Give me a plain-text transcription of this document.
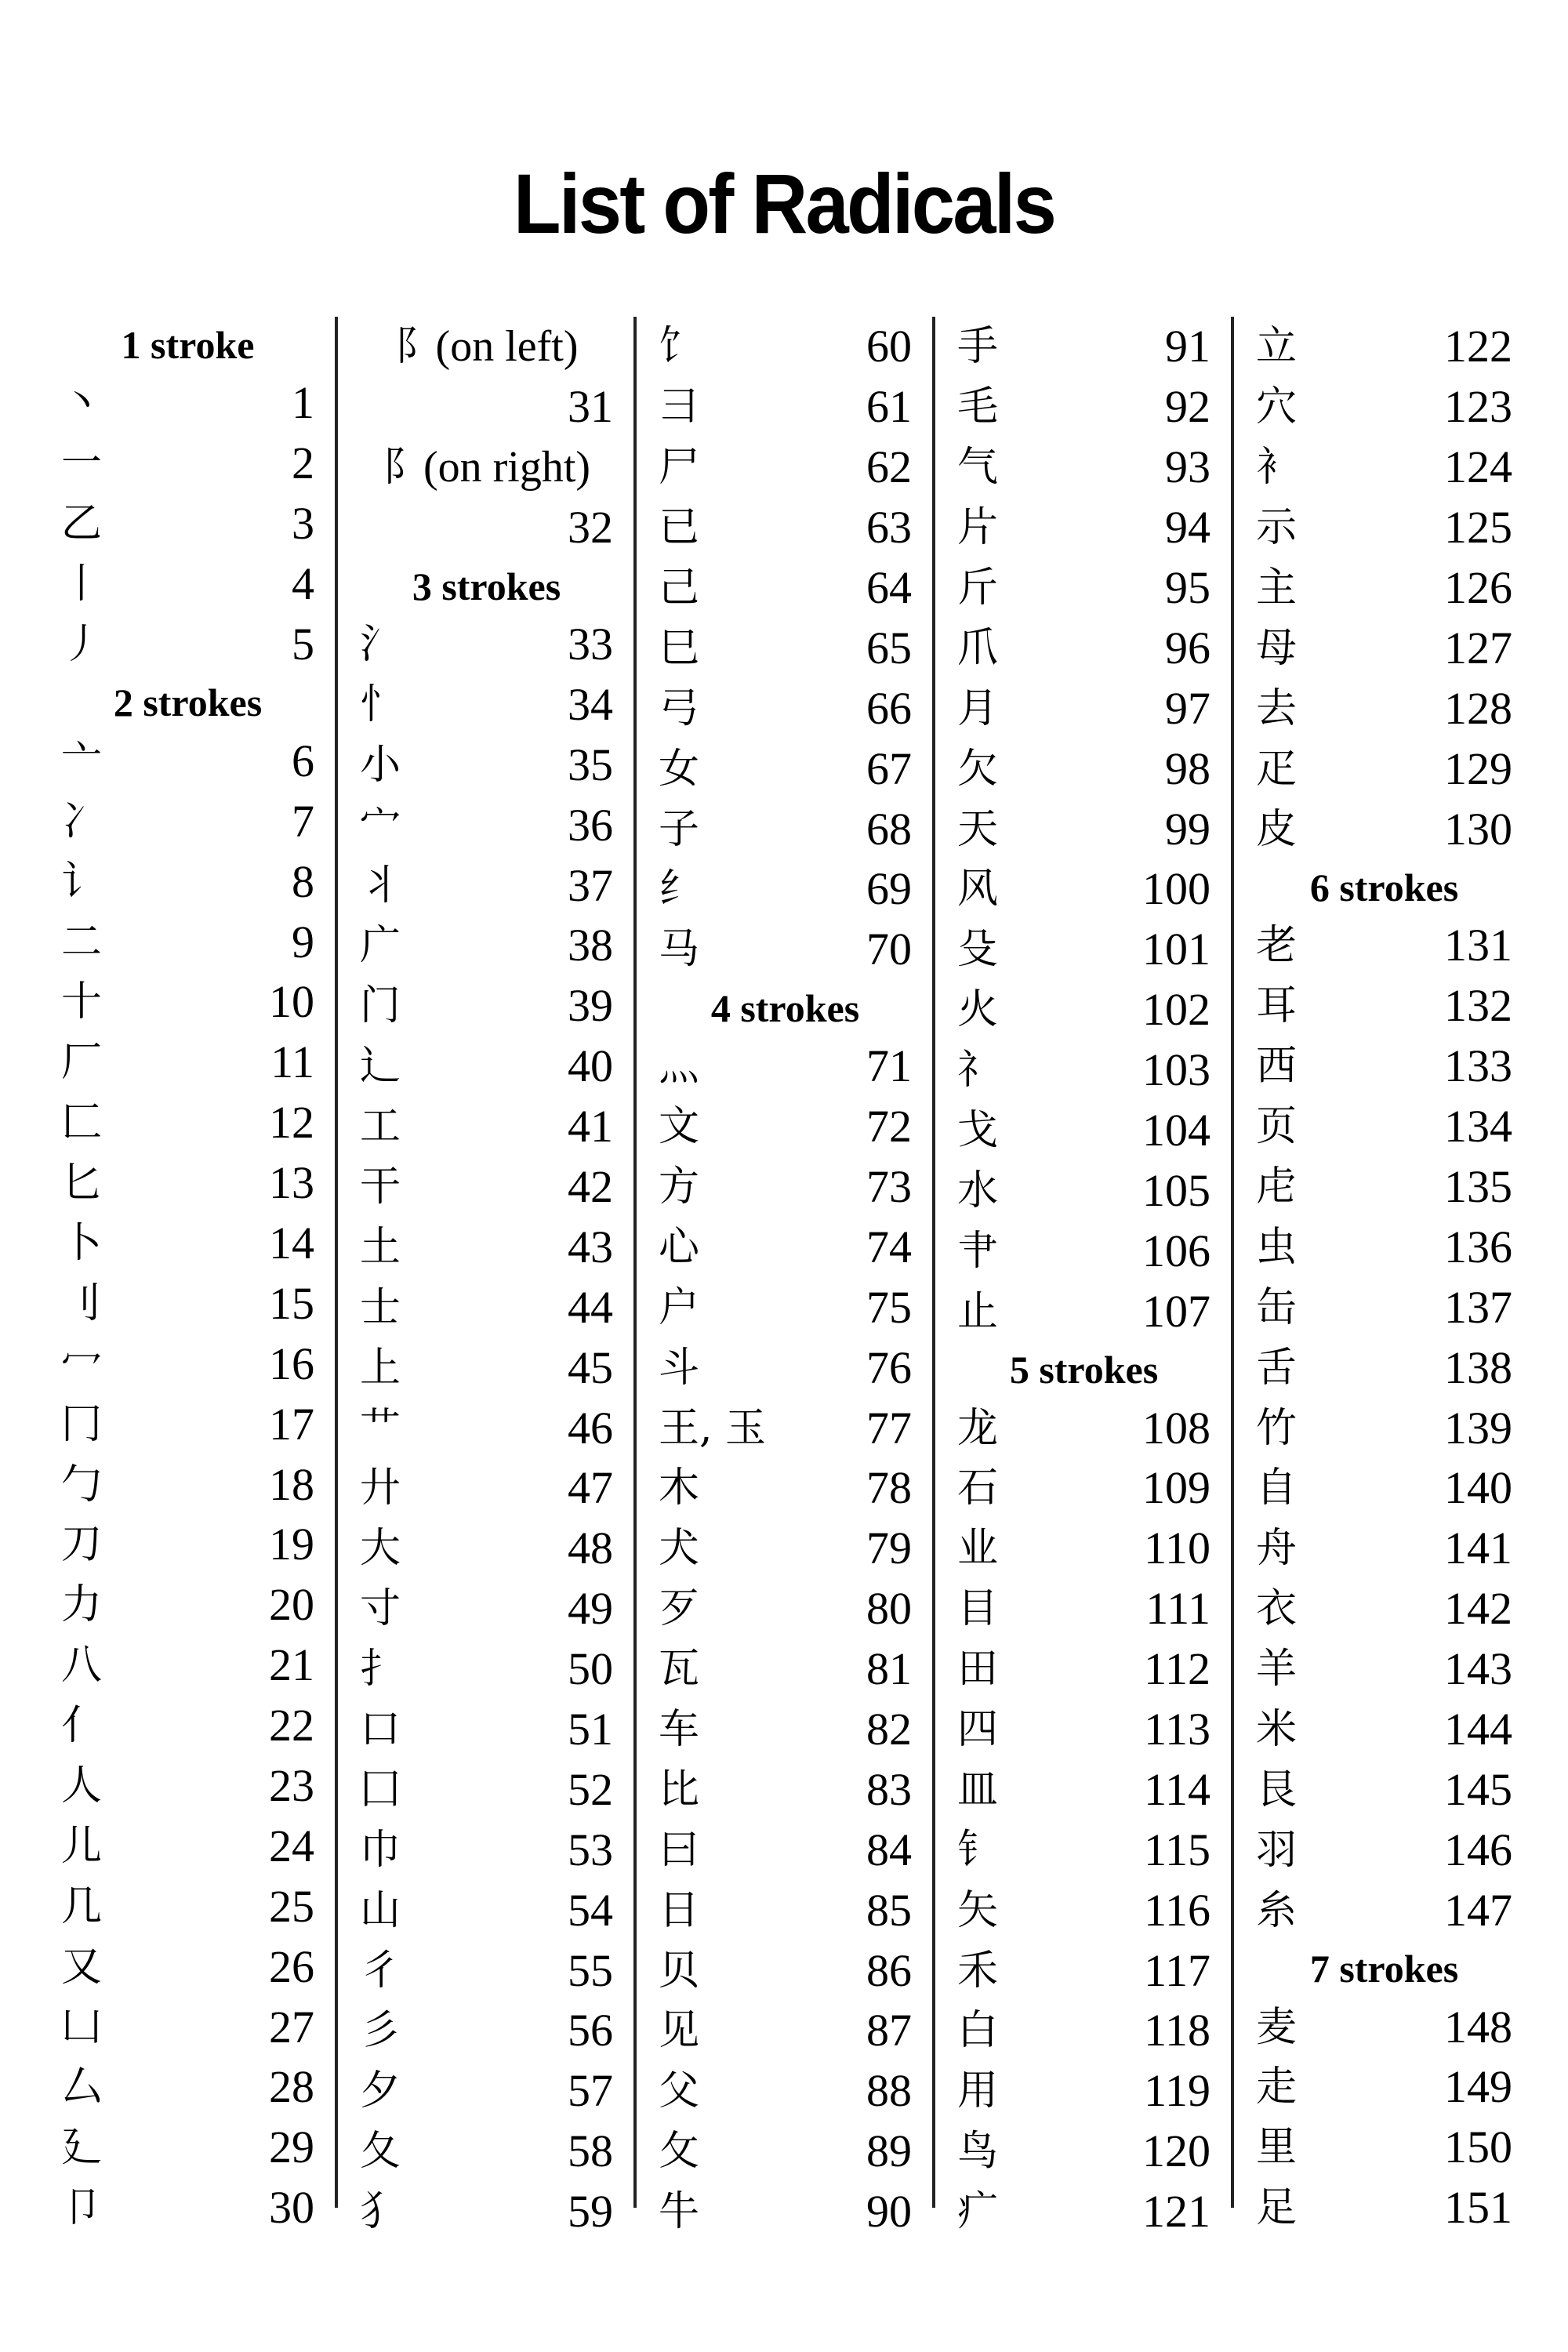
List of Radicals
1 stroke
丶	1
一	2
乙	3
丨	4
丿	5
2 strokes
亠	6
冫	7
讠	8
二	9
十	10
厂	11
匚	12
匕	13
卜	14
刂	15
冖	16
冂	17
勹	18
刀	19
力	20
八	21
亻	22
人	23
儿	24
几	25
又	26
凵	27
厶	28
廴	29
卩	30
阝 (on left)
31
阝 (on right)
32
3 strokes
氵	33
忄	34
小	35
宀	36
丬	37
广	38
门	39
辶	40
工	41
干	42
土	43
士	44
上	45
艹	46
廾	47
大	48
寸	49
扌	50
口	51
囗	52
巾	53
山	54
彳	55
彡	56
夕	57
夂	58
犭	59
饣	60
彐	61
尸	62
已	63
己	64
巳	65
弓	66
女	67
子	68
纟	69
马	70
4 strokes
灬	71
文	72
方	73
心	74
户	75
斗	76
王, 玉 77
木	78
犬	79
歹	80
瓦	81
车	82
比	83
曰	84
日	85
贝	86
见	87
父	88
攵	89
牛	90
手	91
毛	92
气	93
片	94
斤	95
爪	96
月	97
欠	98
天	99
风	100
殳	101
火	102
礻	103
戈	104
水	105
肀	106
止	107
5 strokes
龙	108
石	109
业	110
目	111
田	112
四	113
皿	114
钅	115
矢	116
禾	117
白	118
用	119
鸟	120
疒	121
立	122
穴	123
衤	124
示	125
主	126
母	127
去	128
疋	129
皮	130
6 strokes
老	131
耳	132
西	133
页	134
虍	135
虫	136
缶	137
舌	138
竹	139
自	140
舟	141
衣	142
羊	143
米	144
艮	145
羽	146
糸	147
7 strokes
麦	148
走	149
里	150
足	151
